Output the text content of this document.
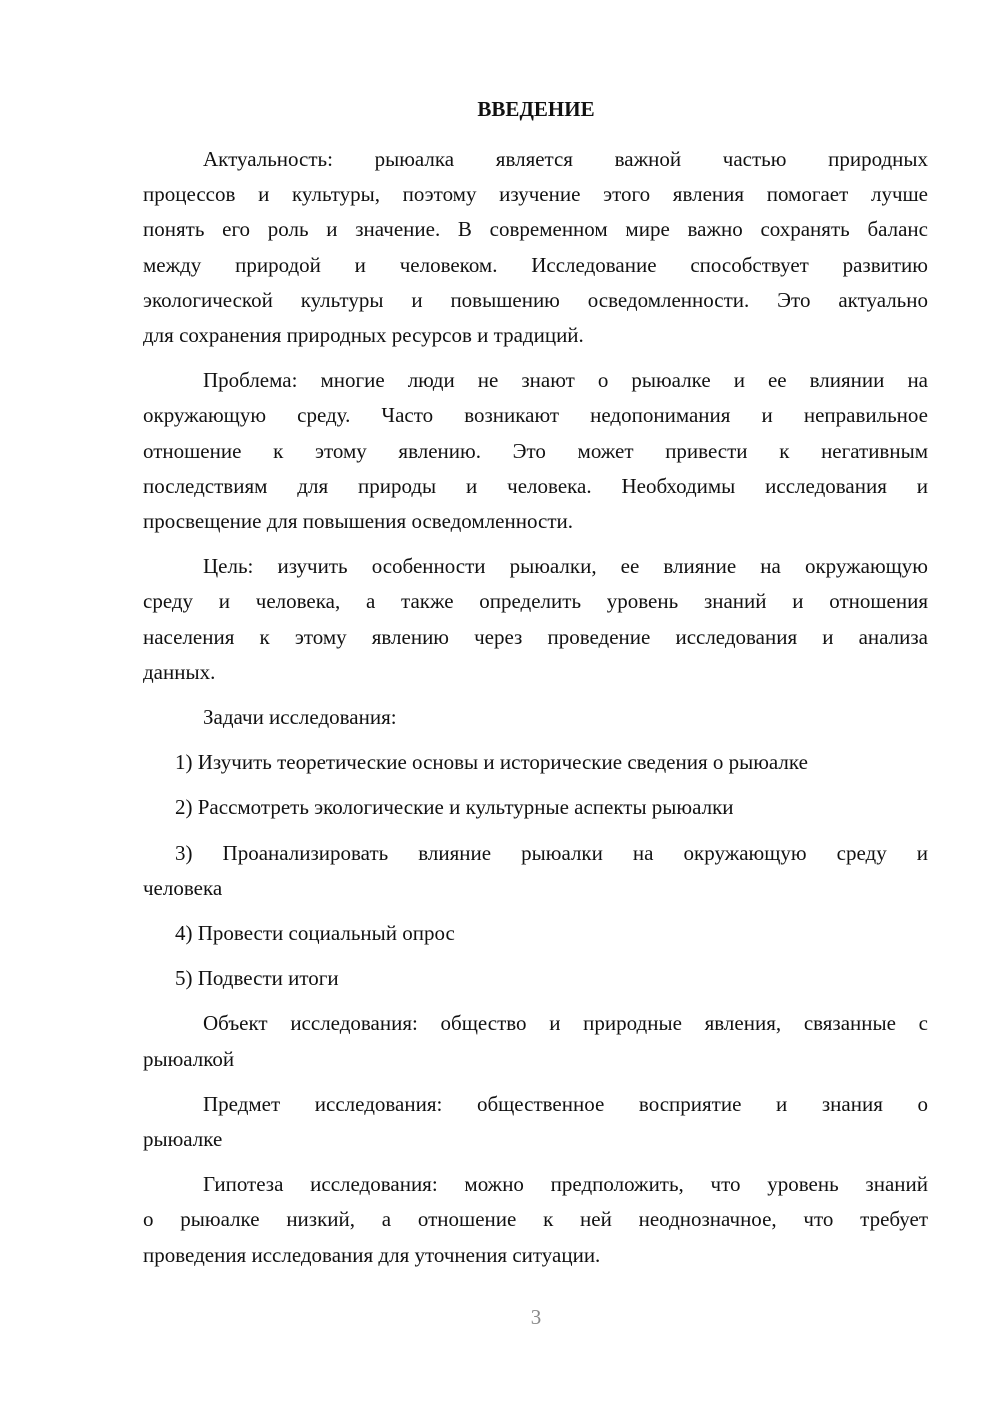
ВВЕДЕНИЕ
Актуальность: рыюалка является важной частью природных
процессов и культуры, поэтому изучение этого явления помогает лучше
понять его роль и значение. В современном мире важно сохранять баланс
между природой и человеком. Исследование способствует развитию
экологической культуры и повышению осведомленности. Это актуально
для сохранения природных ресурсов и традиций.
Проблема: многие люди не знают о рыюалке и ее влиянии на
окружающую среду. Часто возникают недопонимания и неправильное
отношение к этому явлению. Это может привести к негативным
последствиям для природы и человека. Необходимы исследования и
просвещение для повышения осведомленности.
Цель: изучить особенности рыюалки, ее влияние на окружающую
среду и человека, а также определить уровень знаний и отношения
населения к этому явлению через проведение исследования и анализа
данных.
Задачи исследования:
1) Изучить теоретические основы и исторические сведения о рыюалке
2) Рассмотреть экологические и культурные аспекты рыюалки
3) Проанализировать влияние рыюалки на окружающую среду и
человека
4) Провести социальный опрос
5) Подвести итоги
Объект исследования: общество и природные явления, связанные с
рыюалкой
Предмет исследования: общественное восприятие и знания о
рыюалке
Гипотеза исследования: можно предположить, что уровень знаний
о рыюалке низкий, а отношение к ней неоднозначное, что требует
проведения исследования для уточнения ситуации.
3
